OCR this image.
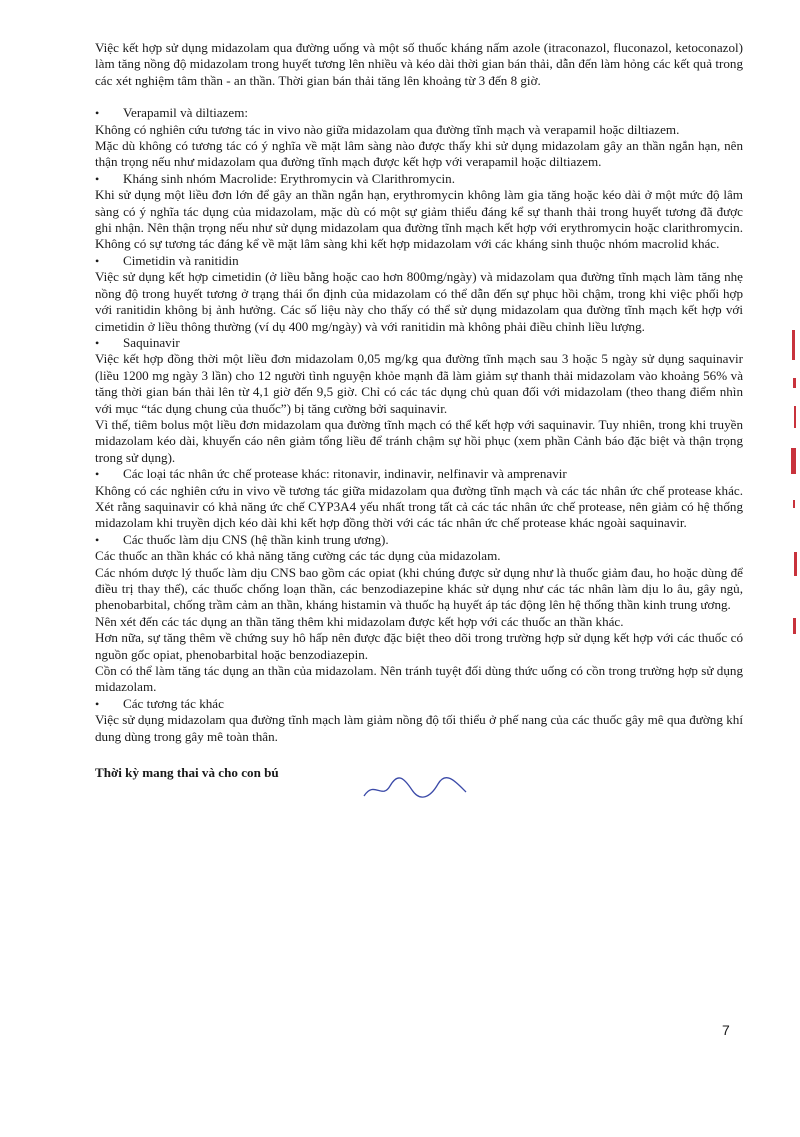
Việc kết hợp sử dụng midazolam qua đường uống và một số thuốc kháng nấm azole (itraconazol, fluconazol, ketoconazol) làm tăng nồng độ midazolam trong huyết tương lên nhiều và kéo dài thời gian bán thải, dẫn đến làm hỏng các kết quả trong các xét nghiệm tâm thần - an thần. Thời gian bán thải tăng lên khoảng từ 3 đến 8 giờ.

•	Verapamil và diltiazem:

Không có nghiên cứu tương tác in vivo nào giữa midazolam qua đường tĩnh mạch và verapamil hoặc diltiazem.

Mặc dù không có tương tác có ý nghĩa về mặt lâm sàng nào được thấy khi sử dụng midazolam gây an thần ngắn hạn, nên thận trọng nếu như midazolam qua đường tĩnh mạch được kết hợp với verapamil hoặc diltiazem.

•	Kháng sinh nhóm Macrolide: Erythromycin và Clarithromycin.

Khi sử dụng một liều đơn lớn để gây an thần ngắn hạn, erythromycin không làm gia tăng hoặc kéo dài ở một mức độ lâm sàng có ý nghĩa tác dụng của midazolam, mặc dù có một sự giảm thiểu đáng kể sự thanh thải trong huyết tương đã được ghi nhận. Nên thận trọng nếu như sử dụng midazolam qua đường tĩnh mạch kết hợp với erythromycin hoặc clarithromycin. Không có sự tương tác đáng kể về mặt lâm sàng khi kết hợp midazolam với các kháng sinh thuộc nhóm macrolid khác.

•	Cimetidin và ranitidin

Việc sử dụng kết hợp cimetidin (ở liều bằng hoặc cao hơn 800mg/ngày) và midazolam qua đường tĩnh mạch làm tăng nhẹ nồng độ trong huyết tương ở trạng thái ổn định của midazolam có thể dẫn đến sự phục hồi chậm, trong khi việc phối hợp với ranitidin không bị ảnh hưởng. Các số liệu này cho thấy có thể sử dụng midazolam qua đường tĩnh mạch kết hợp với cimetidin ở liều thông thường (ví dụ 400 mg/ngày) và với ranitidin mà không phải điều chỉnh liều lượng.

•	Saquinavir

Việc kết hợp đồng thời một liều đơn midazolam 0,05 mg/kg qua đường tĩnh mạch sau 3 hoặc 5 ngày sử dụng saquinavir (liều 1200 mg ngày 3 lần) cho 12 người tình nguyện khỏe mạnh đã làm giảm sự thanh thải midazolam vào khoảng 56% và tăng thời gian bán thải lên từ 4,1 giờ đến 9,5 giờ. Chỉ có các tác dụng chủ quan đối với midazolam (theo thang điểm nhìn với mục “tác dụng chung của thuốc”) bị tăng cường bởi saquinavir.

Vì thế, tiêm bolus một liều đơn midazolam qua đường tĩnh mạch có thể kết hợp với saquinavir. Tuy nhiên, trong khi truyền midazolam kéo dài, khuyến cáo nên giảm tổng liều để tránh chậm sự hồi phục (xem phần Cảnh báo đặc biệt và thận trọng trong sử dụng).

•	Các loại tác nhân ức chế protease khác: ritonavir, indinavir, nelfinavir và amprenavir

Không có các nghiên cứu in vivo về tương tác giữa midazolam qua đường tĩnh mạch và các tác nhân ức chế protease khác. Xét rằng saquinavir có khả năng ức chế CYP3A4 yếu nhất trong tất cả các tác nhân ức chế protease, nên giảm có hệ thống midazolam khi truyền dịch kéo dài khi kết hợp đồng thời với các tác nhân ức chế protease khác ngoài saquinavir.

•	Các thuốc làm dịu CNS (hệ thần kinh trung ương).

Các thuốc an thần khác có khả năng tăng cường các tác dụng của midazolam.

Các nhóm dược lý thuốc làm dịu CNS bao gồm các opiat (khi chúng được sử dụng như là thuốc giảm đau, ho hoặc dùng để điều trị thay thế), các thuốc chống loạn thần, các benzodiazepine khác sử dụng như các tác nhân làm dịu lo âu, gây ngủ, phenobarbital, chống trầm cảm an thần, kháng histamin và thuốc hạ huyết áp tác động lên hệ thống thần kinh trung ương.

Nên xét đến các tác dụng an thần tăng thêm khi midazolam được kết hợp với các thuốc an thần khác.

Hơn nữa, sự tăng thêm về chứng suy hô hấp nên được đặc biệt theo dõi trong trường hợp sử dụng kết hợp với các thuốc có nguồn gốc opiat, phenobarbital hoặc benzodiazepin.

Cồn có thể làm tăng tác dụng an thần của midazolam. Nên tránh tuyệt đối dùng thức uống có cồn trong trường hợp sử dụng midazolam.

•	Các tương tác khác

Việc sử dụng midazolam qua đường tĩnh mạch làm giảm nồng độ tối thiểu ở phế nang của các thuốc gây mê qua đường khí dung dùng trong gây mê toàn thân.

Thời kỳ mang thai và cho con bú

7
